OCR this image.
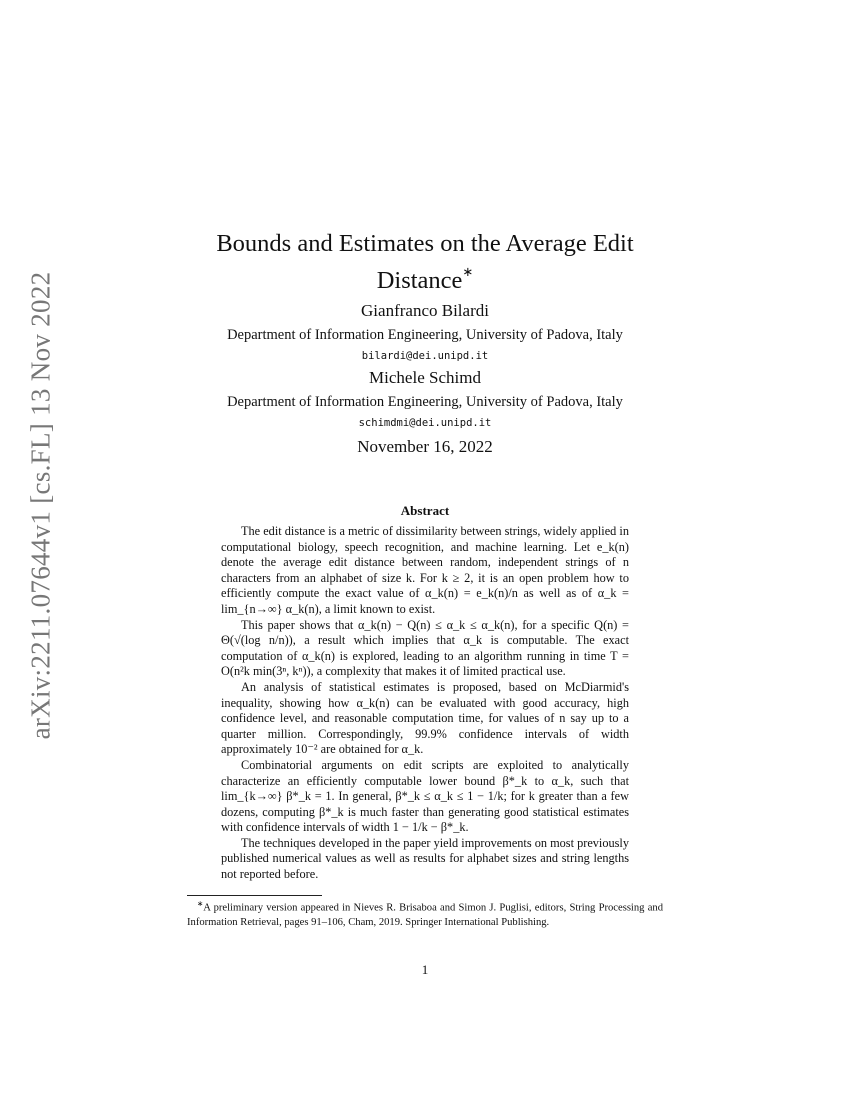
arXiv:2211.07644v1 [cs.FL] 13 Nov 2022
Bounds and Estimates on the Average Edit Distance∗
Gianfranco Bilardi
Department of Information Engineering, University of Padova, Italy
bilardi@dei.unipd.it
Michele Schimd
Department of Information Engineering, University of Padova, Italy
schimdmi@dei.unipd.it
November 16, 2022
Abstract

The edit distance is a metric of dissimilarity between strings, widely applied in computational biology, speech recognition, and machine learning. Let e_k(n) denote the average edit distance between random, independent strings of n characters from an alphabet of size k. For k ≥ 2, it is an open problem how to efficiently compute the exact value of α_k(n) = e_k(n)/n as well as of α_k = lim_{n→∞} α_k(n), a limit known to exist.

This paper shows that α_k(n) − Q(n) ≤ α_k ≤ α_k(n), for a specific Q(n) = Θ(√(log n/n)), a result which implies that α_k is computable. The exact computation of α_k(n) is explored, leading to an algorithm running in time T = O(n²k min(3ⁿ, kⁿ)), a complexity that makes it of limited practical use.

An analysis of statistical estimates is proposed, based on McDiarmid's inequality, showing how α_k(n) can be evaluated with good accuracy, high confidence level, and reasonable computation time, for values of n say up to a quarter million. Correspondingly, 99.9% confidence intervals of width approximately 10⁻² are obtained for α_k.

Combinatorial arguments on edit scripts are exploited to analytically characterize an efficiently computable lower bound β*_k to α_k, such that lim_{k→∞} β*_k = 1. In general, β*_k ≤ α_k ≤ 1 − 1/k; for k greater than a few dozens, computing β*_k is much faster than generating good statistical estimates with confidence intervals of width 1 − 1/k − β*_k.

The techniques developed in the paper yield improvements on most previously published numerical values as well as results for alphabet sizes and string lengths not reported before.

∗A preliminary version appeared in Nieves R. Brisaboa and Simon J. Puglisi, editors, String Processing and Information Retrieval, pages 91–106, Cham, 2019. Springer International Publishing.
1
